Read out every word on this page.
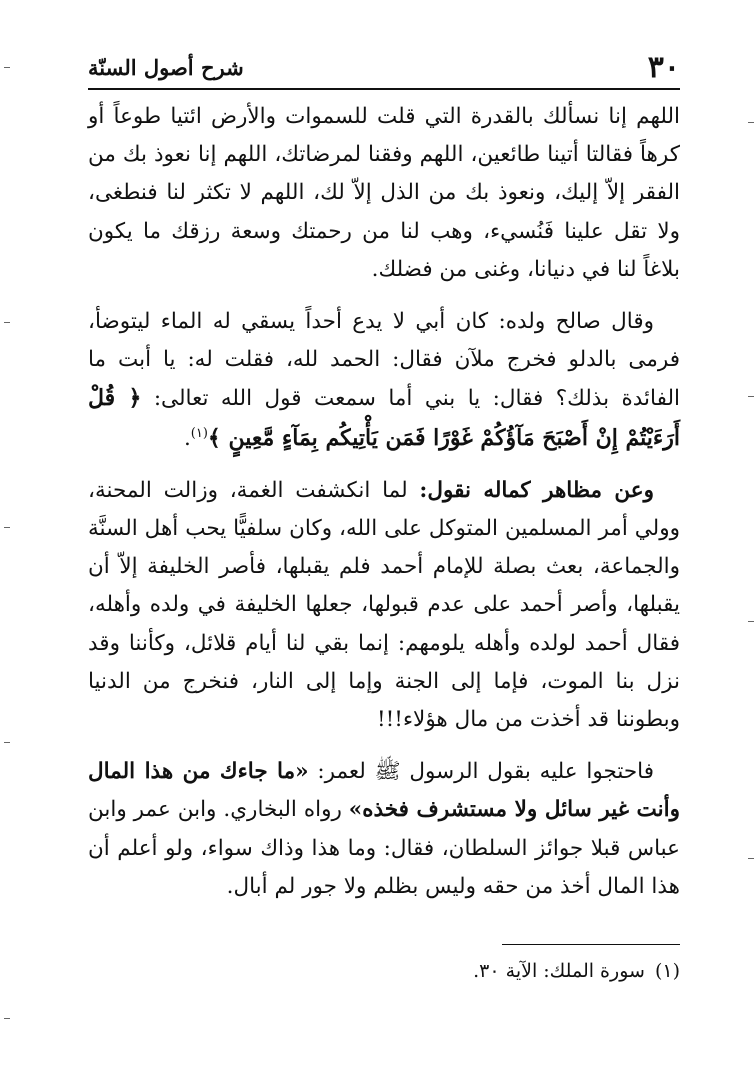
٣٠
شرح أصول السنّة

اللهم إنا نسألك بالقدرة التي قلت للسموات والأرض ائتيا طوعاً أو كرهاً فقالتا أتينا طائعين، اللهم وفقنا لمرضاتك، اللهم إنا نعوذ بك من الفقر إلاّ إليك، ونعوذ بك من الذل إلاّ لك، اللهم لا تكثر لنا فنطغى، ولا تقل علينا فَنُسيء، وهب لنا من رحمتك وسعة رزقك ما يكون بلاغاً لنا في دنيانا، وغنى من فضلك.

وقال صالح ولده: كان أبي لا يدع أحداً يسقي له الماء ليتوضأ، فرمى بالدلو فخرج ملآن فقال: الحمد لله، فقلت له: يا أبت ما الفائدة بذلك؟ فقال: يا بني أما سمعت قول الله تعالى: ﴿ قُلْ أَرَءَيْتُمْ إِنْ أَصْبَحَ مَآؤُكُمْ غَوْرًا فَمَن يَأْتِيكُم بِمَآءٍ مَّعِينٍ ﴾$^{(١)}$.

وعن مظاهر كماله نقول: لما انكشفت الغمة، وزالت المحنة، وولي أمر المسلمين المتوكل على الله، وكان سلفيًّا يحب أهل السنَّة والجماعة، بعث بصلة للإمام أحمد فلم يقبلها، فأصر الخليفة إلاّ أن يقبلها، وأصر أحمد على عدم قبولها، جعلها الخليفة في ولده وأهله، فقال أحمد لولده وأهله يلومهم: إنما بقي لنا أيام قلائل، وكأننا وقد نزل بنا الموت، فإما إلى الجنة وإما إلى النار، فنخرج من الدنيا وبطوننا قد أخذت من مال هؤلاء!!!

فاحتجوا عليه بقول الرسول ﷺ لعمر: «ما جاءك من هذا المال وأنت غير سائل ولا مستشرف فخذه» رواه البخاري. وابن عمر وابن عباس قبلا جوائز السلطان، فقال: وما هذا وذاك سواء، ولو أعلم أن هذا المال أخذ من حقه وليس بظلم ولا جور لم أبال.

(١)سورة الملك: الآية ٣٠.
